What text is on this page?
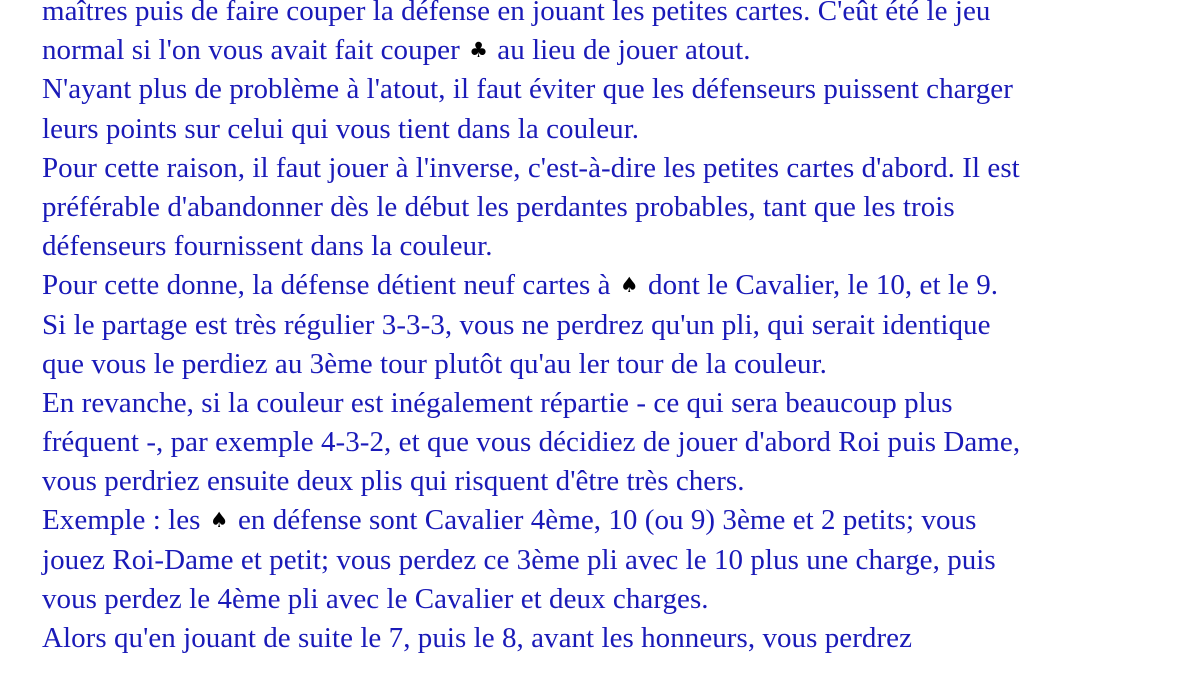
maîtres puis de faire couper la défense en jouant les petites cartes. C'eût été le jeu
normal si l'on vous avait fait couper ♣ au lieu de jouer atout.
N'ayant plus de problème à l'atout, il faut éviter que les défenseurs puissent charger
leurs points sur celui qui vous tient dans la couleur.
Pour cette raison, il faut jouer à l'inverse, c'est-à-dire les petites cartes d'abord. Il est
préférable d'abandonner dès le début les perdantes probables, tant que les trois
défenseurs fournissent dans la couleur.
Pour cette donne, la défense détient neuf cartes à ♠ dont le Cavalier, le 10, et le 9.
Si le partage est très régulier 3-3-3, vous ne perdrez qu'un pli, qui serait identique
que vous le perdiez au 3ème tour plutôt qu'au ler tour de la couleur.
En revanche, si la couleur est inégalement répartie - ce qui sera beaucoup plus
fréquent -, par exemple 4-3-2, et que vous décidiez de jouer d'abord Roi puis Dame,
vous perdriez ensuite deux plis qui risquent d'être très chers.
Exemple : les ♠ en défense sont Cavalier 4ème, 10 (ou 9) 3ème et 2 petits; vous
jouez Roi-Dame et petit; vous perdez ce 3ème pli avec le 10 plus une charge, puis
vous perdez le 4ème pli avec le Cavalier et deux charges.
Alors qu'en jouant de suite le 7, puis le 8, avant les honneurs, vous perdrez
